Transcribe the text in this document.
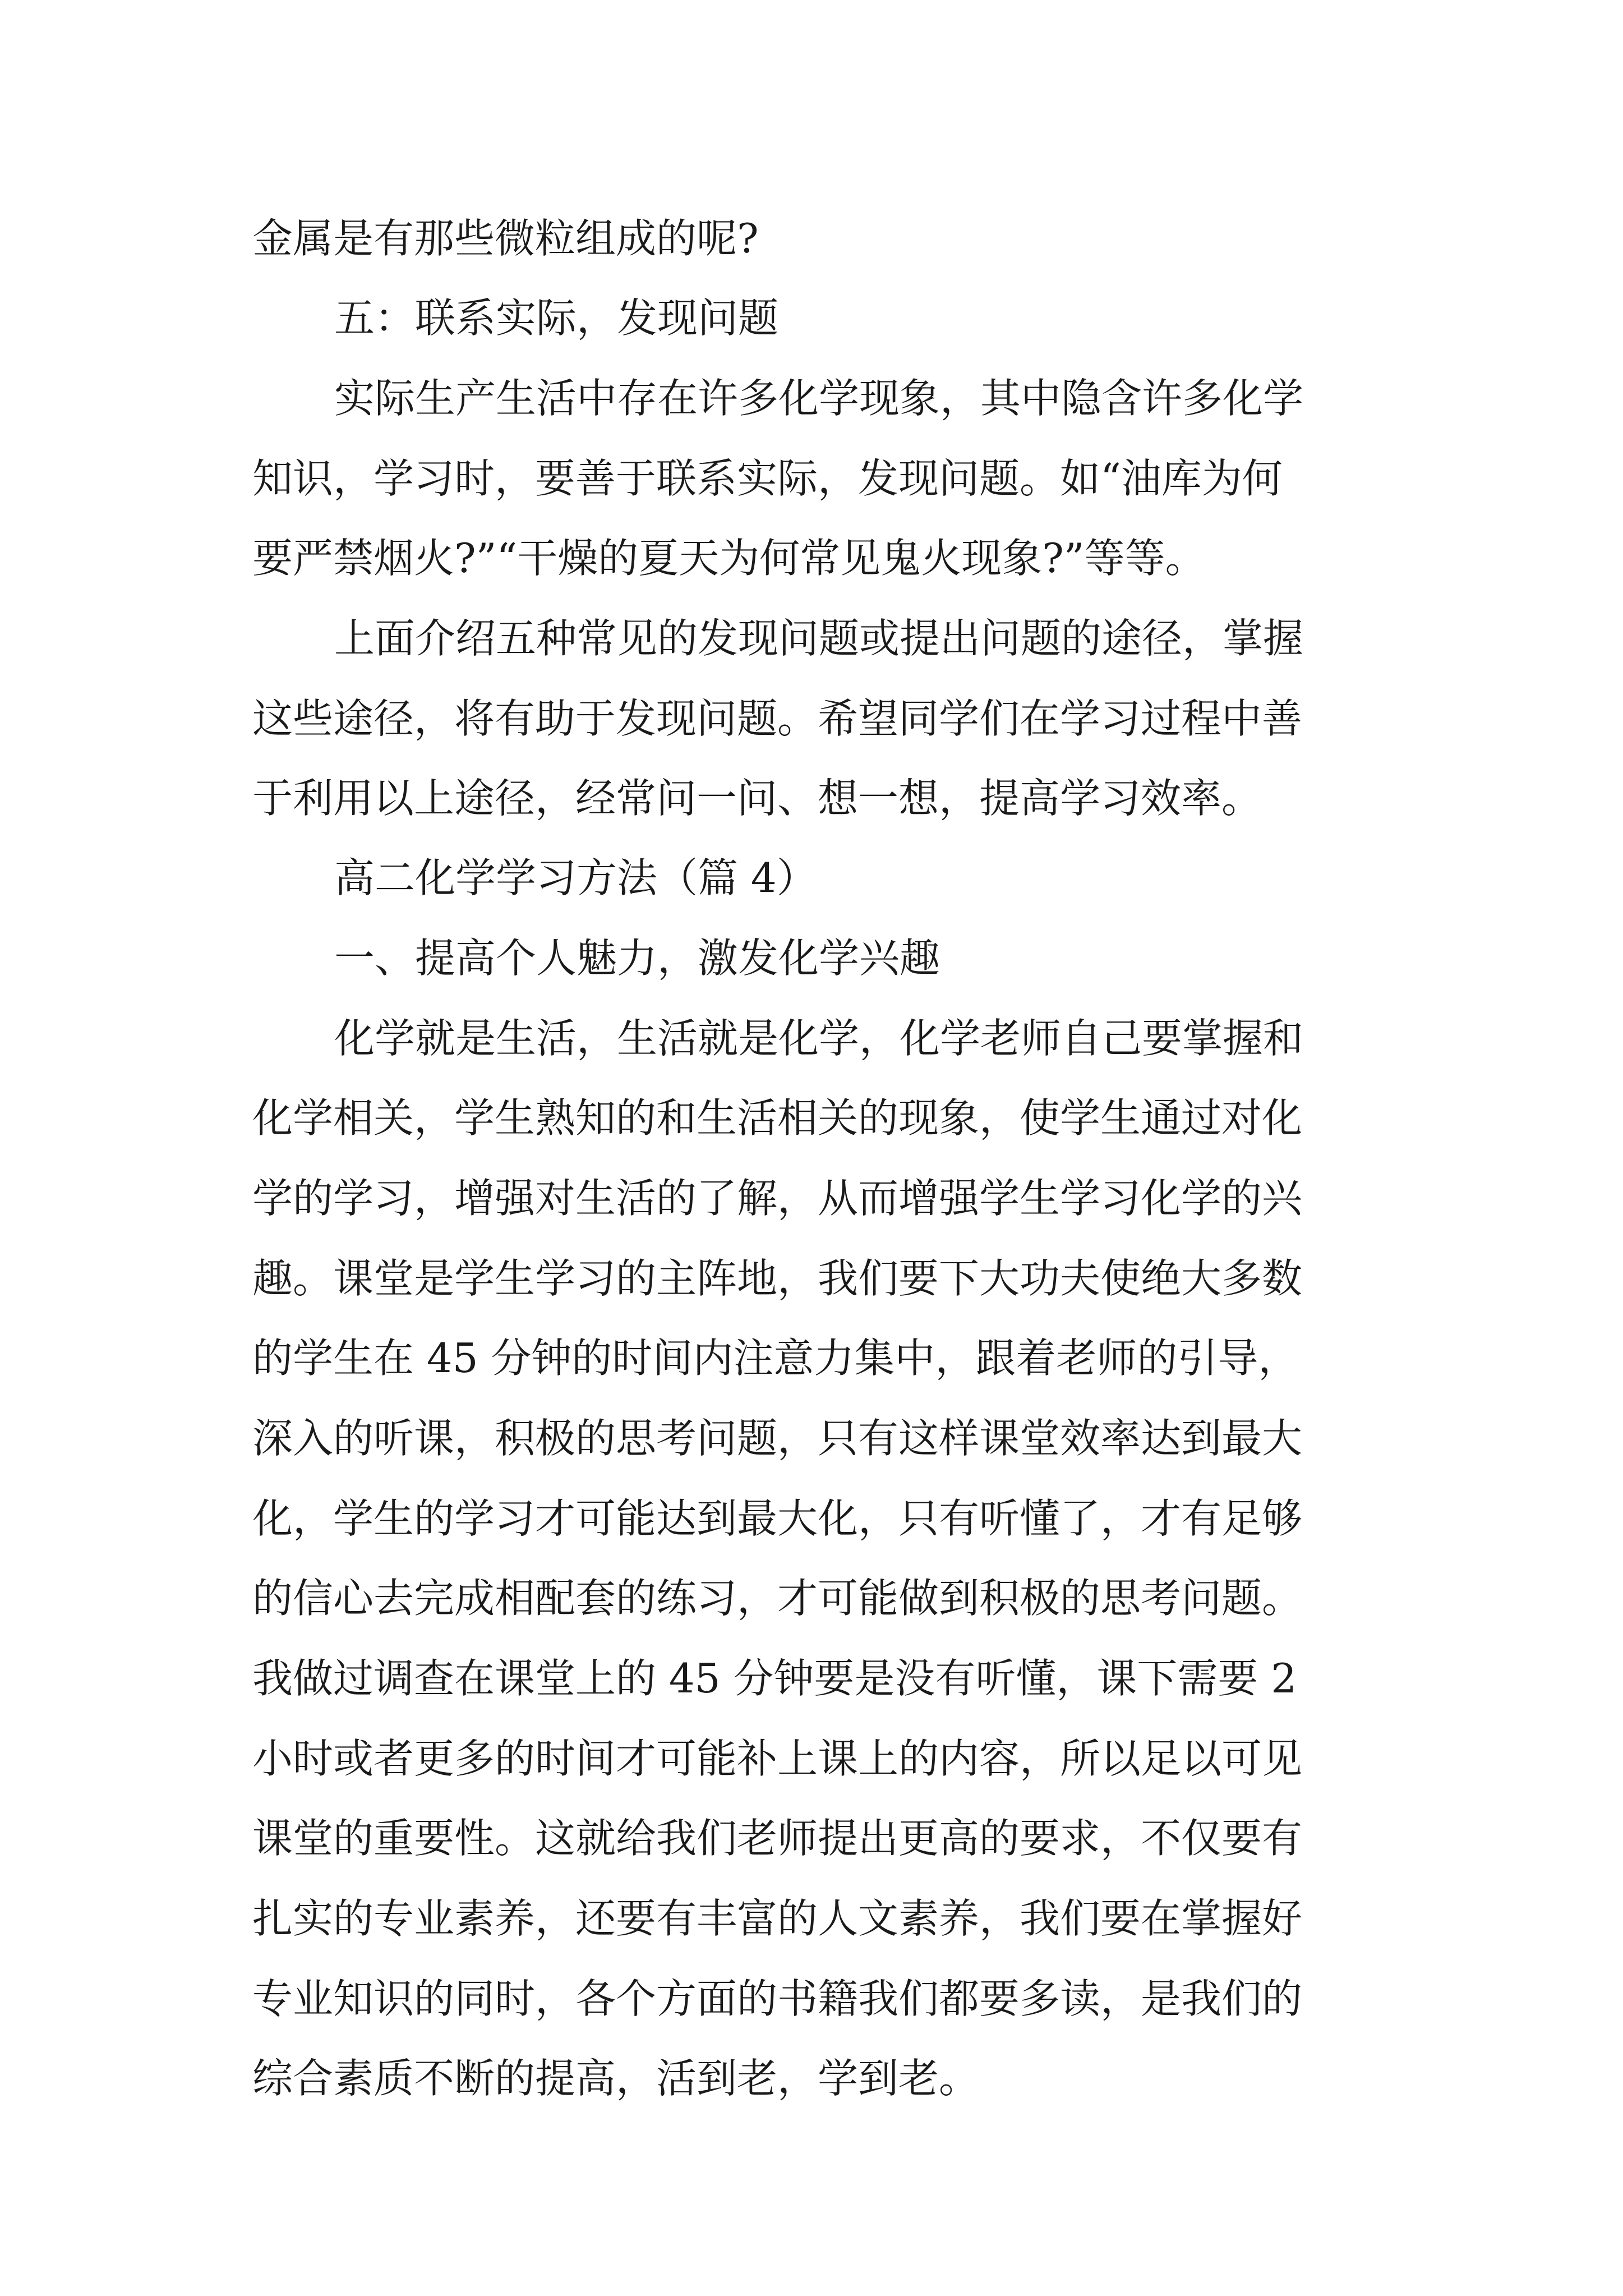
金属是有那些微粒组成的呢?
五：联系实际，发现问题
实际生产生活中存在许多化学现象，其中隐含许多化学
知识，学习时，要善于联系实际，发现问题。如“油库为何
要严禁烟火?”“干燥的夏天为何常见鬼火现象?”等等。
上面介绍五种常见的发现问题或提出问题的途径，掌握
这些途径，将有助于发现问题。希望同学们在学习过程中善
于利用以上途径，经常问一问、想一想，提高学习效率。
高二化学学习方法（篇 4）
一、提高个人魅力，激发化学兴趣
化学就是生活，生活就是化学，化学老师自己要掌握和
化学相关，学生熟知的和生活相关的现象，使学生通过对化
学的学习，增强对生活的了解，从而增强学生学习化学的兴
趣。课堂是学生学习的主阵地，我们要下大功夫使绝大多数
的学生在 45 分钟的时间内注意力集中，跟着老师的引导，
深入的听课，积极的思考问题，只有这样课堂效率达到最大
化，学生的学习才可能达到最大化，只有听懂了，才有足够
的信心去完成相配套的练习，才可能做到积极的思考问题。
我做过调查在课堂上的 45 分钟要是没有听懂，课下需要 2
小时或者更多的时间才可能补上课上的内容，所以足以可见
课堂的重要性。这就给我们老师提出更高的要求，不仅要有
扎实的专业素养，还要有丰富的人文素养，我们要在掌握好
专业知识的同时，各个方面的书籍我们都要多读，是我们的
综合素质不断的提高，活到老，学到老。
